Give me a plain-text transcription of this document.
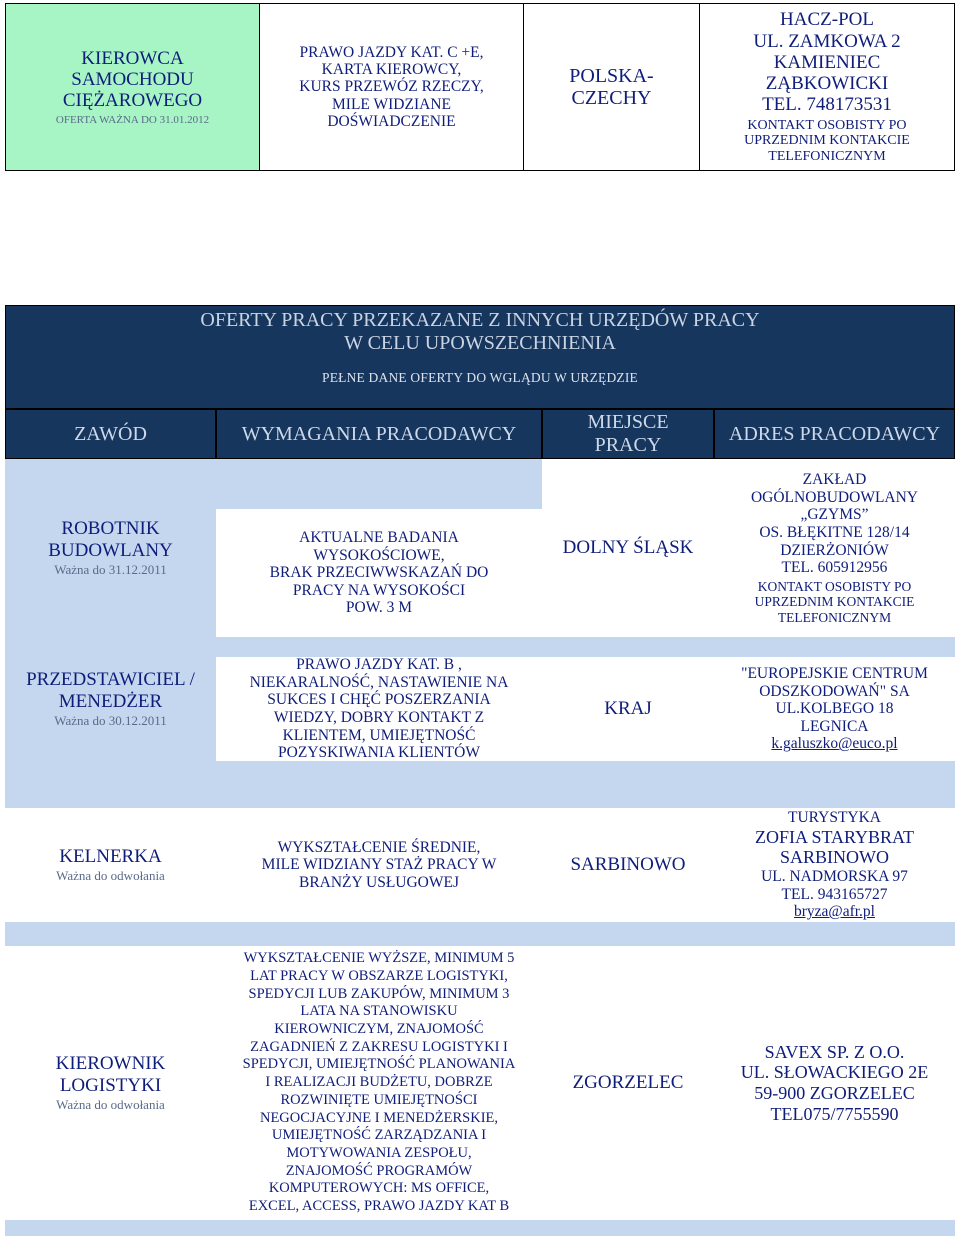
KIEROWCA
SAMOCHODU
CIĘŻAROWEGO
OFERTA WAŻNA DO 31.01.2012
PRAWO JAZDY KAT. C +E,
KARTA KIEROWCY,
KURS PRZEWÓZ RZECZY,
MILE WIDZIANE
DOŚWIADCZENIE
POLSKA-
CZECHY
HACZ-POL
UL. ZAMKOWA 2
KAMIENIEC
ZĄBKOWICKI
TEL. 748173531
KONTAKT OSOBISTY PO
UPRZEDNIM KONTAKCIE
TELEFONICZNYM
OFERTY PRACY PRZEKAZANE Z INNYCH URZĘDÓW PRACY
W CELU UPOWSZECHNIENIA
PEŁNE DANE OFERTY DO WGLĄDU W URZĘDZIE
ZAWÓD	WYMAGANIA PRACODAWCY
MIEJSCE
PRACY
ADRES PRACODAWCY
ROBOTNIK
BUDOWLANY
Ważna do 31.12.2011
AKTUALNE BADANIA
WYSOKOŚCIOWE,
BRAK PRZECIWWSKAZAŃ DO
PRACY NA WYSOKOŚCI
POW. 3 M
DOLNY ŚLĄSK
ZAKŁAD
OGÓLNOBUDOWLANY
„GZYMS”
OS. BŁĘKITNE 128/14
DZIERŻONIÓW
TEL. 605912956
KONTAKT OSOBISTY PO
UPRZEDNIM KONTAKCIE
TELEFONICZNYM
PRZEDSTAWICIEL /
MENEDŻER
Ważna do 30.12.2011
PRAWO JAZDY KAT. B ,
NIEKARALNOŚĆ, NASTAWIENIE NA
SUKCES I CHĘĆ POSZERZANIA
WIEDZY, DOBRY KONTAKT Z
KLIENTEM, UMIEJĘTNOŚĆ
POZYSKIWANIA KLIENTÓW
KRAJ
"EUROPEJSKIE CENTRUM
ODSZKODOWAŃ" SA
UL.KOLBEGO 18
LEGNICA
k.galuszko@euco.pl
KELNERKA
Ważna do odwołania
WYKSZTAŁCENIE ŚREDNIE,
MILE WIDZIANY STAŻ PRACY W
BRANŻY USŁUGOWEJ
SARBINOWO
TURYSTYKA
ZOFIA STARYBRAT
SARBINOWO
UL. NADMORSKA 97
TEL. 943165727
bryza@afr.pl
KIEROWNIK
LOGISTYKI
Ważna do odwołania
WYKSZTAŁCENIE WYŻSZE, MINIMUM 5
LAT PRACY W OBSZARZE LOGISTYKI,
SPEDYCJI LUB ZAKUPÓW, MINIMUM 3
LATA NA STANOWISKU
KIEROWNICZYM, ZNAJOMOŚĆ
ZAGADNIEŃ Z ZAKRESU LOGISTYKI I
SPEDYCJI, UMIEJĘTNOŚĆ PLANOWANIA
I REALIZACJI BUDŻETU, DOBRZE
ROZWINIĘTE UMIEJĘTNOŚCI
NEGOCJACYJNE I MENEDŻERSKIE,
UMIEJĘTNOŚĆ ZARZĄDZANIA I
MOTYWOWANIA ZESPOŁU,
ZNAJOMOŚĆ PROGRAMÓW
KOMPUTEROWYCH: MS OFFICE,
EXCEL, ACCESS, PRAWO JAZDY KAT B
ZGORZELEC
SAVEX SP. Z O.O.
UL. SŁOWACKIEGO 2E
59-900 ZGORZELEC
TEL075/7755590
